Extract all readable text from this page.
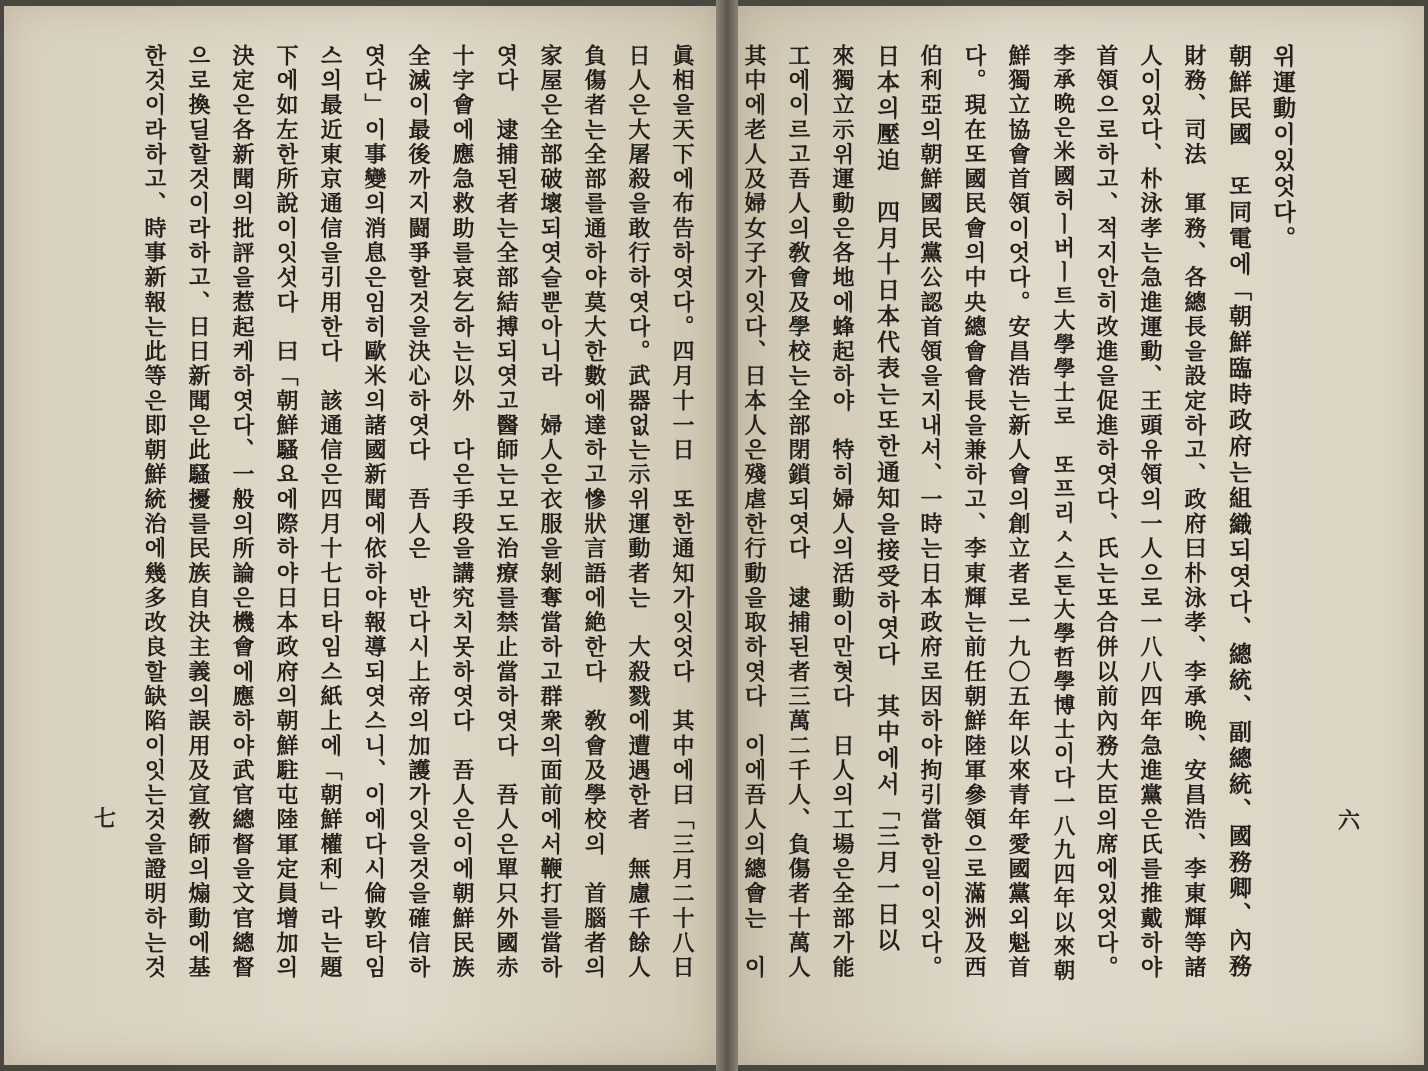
眞相을天下에布告하엿다。四月十一日　또한通知가잇엇다　其中에曰「三月二十八日
日人은大屠殺을敢行하엿다。武器없는示위運動者는　大殺戮에遭遇한者　無慮千餘人
負傷者는全部를通하야莫大한數에達하고慘狀言語에絶한다　敎會及學校의　首腦者의
家屋은全部破壞되엿슬뿐아니라　婦人은衣服을剝奪當하고群衆의面前에서鞭打를當하
엿다　逮捕된者는全部結搏되엿고醫師는모도治療를禁止當하엿다　吾人은單只外國赤
十字會에應急救助를哀乞하는以外　다은手段을講究치못하엿다　吾人은이에朝鮮民族
全滅이最後까지闘爭할것을決心하엿다　吾人은　반다시上帝의加護가잇을것을確信하
엿다」이事變의消息은임히歐米의諸國新聞에依하야報導되엿스니、이에다시倫敦타임
스의最近東京通信을引用한다　該通信은四月十七日타임스紙上에「朝鮮權利」라는題
下에如左한所說이잇섯다　曰「朝鮮騷요에際하야日本政府의朝鮮駐屯陸軍定員增加의
決定은各新聞의批評을惹起케하엿다、一般의所論은機會에應하야武官總督을文官總督
으로換딜할것이라하고、日日新聞은此騷擾를民族自決主義의誤用及宣敎師의煽動에基
한것이라하고、時事新報는此等은即朝鮮統治에幾多改良할缺陷이잇는것을證明하는것
七
위運動이있엇다。
朝鮮民國　또同電에「朝鮮臨時政府는組織되엿다、總統、副總統、國務卿、內務
財務、司法　軍務、各總長을設定하고、政府曰朴泳孝、李承晩、安昌浩、李東輝等諸
人이있다、朴泳孝는急進運動、王頭유領의一人으로一八八四年急進黨은氏를推戴하야
首領으로하고、적지안히改進을促進하엿다、氏는또合併以前內務大臣의席에있엇다。
李承晩은米國허ㅣ버ㅣ트大學學士로　또프리ㅅ스톤大學哲學博士이다一八九四年以來朝
鮮獨立協會首領이엇다。安昌浩는新人會의創立者로一九〇五年以來青年愛國黨외魁首
다。現在또國民會의中央總會會長을兼하고、李東輝는前任朝鮮陸軍參領으로滿洲及西
伯利亞의朝鮮國民黨公認首領을지내서、一時는日本政府로因하야拘引當한일이잇다。
日本의壓迫　四月十日本代表는또한通知을接受하엿다　其中에서「三月一日以
來獨立示위運動은各地에蜂起하야　特히婦人의活動이만혓다　日人의工場은全部가能
工에이르고吾人의敎會及學校는全部閉鎖되엿다　逮捕된者三萬二千人、負傷者十萬人
其中에老人及婦女子가잇다、日本人은殘虐한行動을取하엿다　이에吾人의總會는　이	六
